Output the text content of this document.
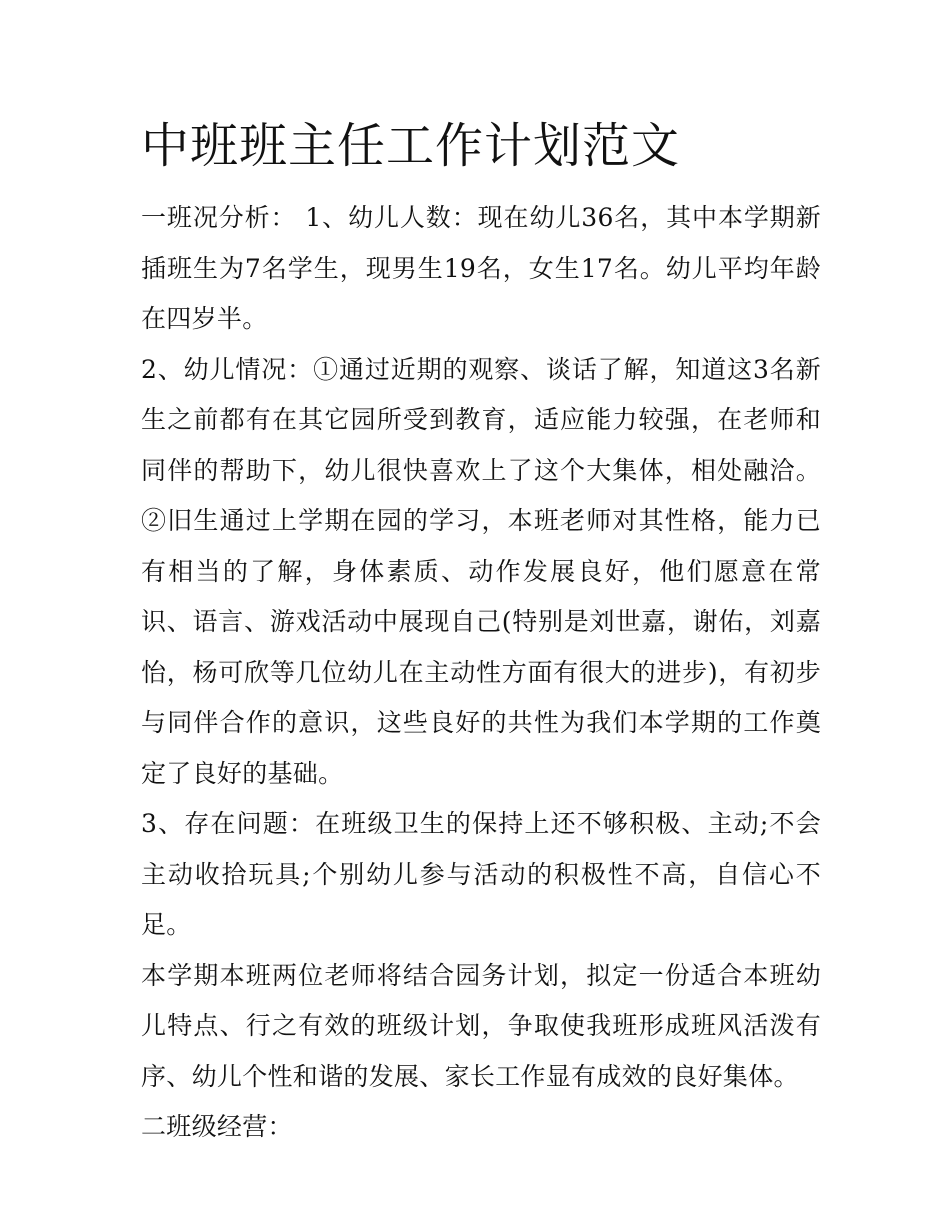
中班班主任工作计划范文

一班况分析： 1、幼儿人数：现在幼儿36名，其中本学期新插班生为7名学生，现男生19名，女生17名。幼儿平均年龄在四岁半。

2、幼儿情况：①通过近期的观察、谈话了解，知道这3名新生之前都有在其它园所受到教育，适应能力较强，在老师和同伴的帮助下，幼儿很快喜欢上了这个大集体，相处融洽。②旧生通过上学期在园的学习，本班老师对其性格，能力已有相当的了解，身体素质、动作发展良好，他们愿意在常识、语言、游戏活动中展现自己(特别是刘世嘉，谢佑，刘嘉怡，杨可欣等几位幼儿在主动性方面有很大的进步)，有初步与同伴合作的意识，这些良好的共性为我们本学期的工作奠定了良好的基础。

3、存在问题：在班级卫生的保持上还不够积极、主动;不会主动收拾玩具;个别幼儿参与活动的积极性不高，自信心不足。

本学期本班两位老师将结合园务计划，拟定一份适合本班幼儿特点、行之有效的班级计划，争取使我班形成班风活泼有序、幼儿个性和谐的发展、家长工作显有成效的良好集体。

二班级经营：
